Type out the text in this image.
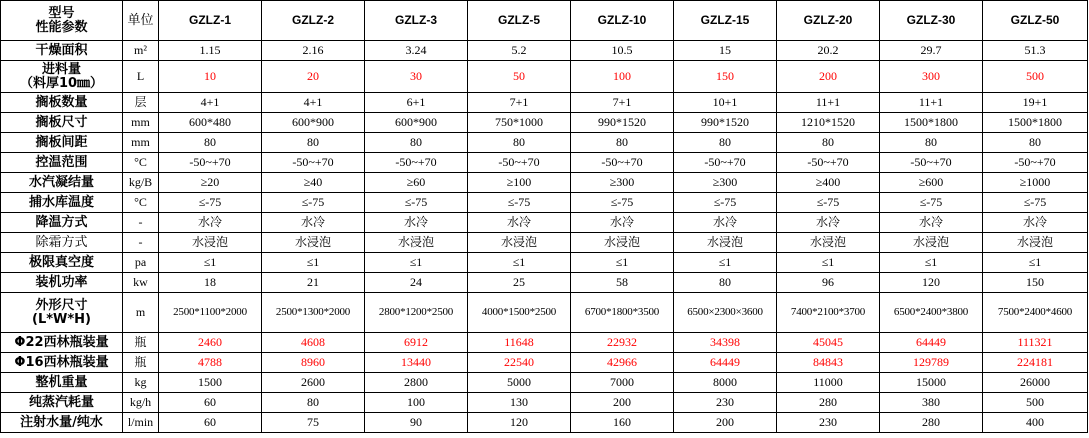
型号
性能参数	单位	GZLZ-1	GZLZ-2	GZLZ-3	GZLZ-5	GZLZ-10	GZLZ-15	GZLZ-20	GZLZ-30	GZLZ-50
干燥面积	m²	1.15	2.16	3.24	5.2	10.5	15	20.2	29.7	51.3

进料量
（料厚10㎜）	L	10	20	30	50	100	150	200	300	500
搁板数量	层	4+1	4+1	6+1	7+1	7+1	10+1	11+1	11+1	19+1
搁板尺寸	mm	600*480	600*900	600*900	750*1000	990*1520	990*1520	1210*1520	1500*1800	1500*1800
搁板间距	mm	80	80	80	80	80	80	80	80	80
控温范围	°C	-50~+70	-50~+70	-50~+70	-50~+70	-50~+70	-50~+70	-50~+70	-50~+70	-50~+70
水汽凝结量	kg/B	≥20	≥40	≥60	≥100	≥300	≥300	≥400	≥600	≥1000
捕水库温度	°C	≤-75	≤-75	≤-75	≤-75	≤-75	≤-75	≤-75	≤-75	≤-75
降温方式	-	水冷	水冷	水冷	水冷	水冷	水冷	水冷	水冷	水冷
除霜方式	-	水浸泡	水浸泡	水浸泡	水浸泡	水浸泡	水浸泡	水浸泡	水浸泡	水浸泡
极限真空度	pa	≤1	≤1	≤1	≤1	≤1	≤1	≤1	≤1	≤1
装机功率	kw	18	21	24	25	58	80	96	120	150

外形尺寸
(L*W*H)	m	2500*1100*2000	2500*1300*2000	2800*1200*2500	4000*1500*2500	6700*1800*3500	6500×2300×3600	7400*2100*3700	6500*2400*3800	7500*2400*4600
Φ22西林瓶装量	瓶	2460	4608	6912	11648	22932	34398	45045	64449	111321
Φ16西林瓶装量	瓶	4788	8960	13440	22540	42966	64449	84843	129789	224181
整机重量	kg	1500	2600	2800	5000	7000	8000	11000	15000	26000
纯蒸汽耗量	kg/h	60	80	100	130	200	230	280	380	500
注射水量/纯水	l/min	60	75	90	120	160	200	230	280	400
